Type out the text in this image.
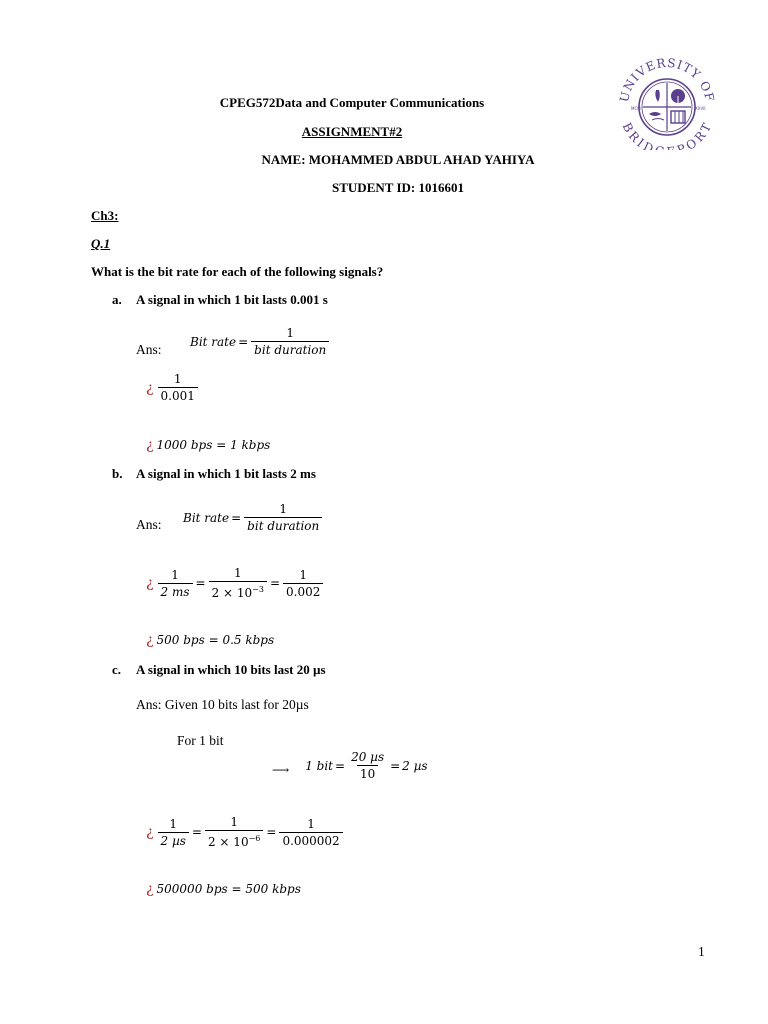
CPEG572Data and Computer Communications
ASSIGNMENT#2
NAME: MOHAMMED ABDUL AHAD YAHIYA
STUDENT ID: 1016601
UNIVERSITY OF
BRID PORT
MCM	XXVII
Ch3:
Q.1
What is the bit rate for each of the following signals?
a. A signal in which 1 bit lasts 0.001 s
Ans:
Bit rate = $\frac{1}{\text{bit duration}}$
¿ $\frac{1}{0.001}$
¿ 1000 bps = 1 kbps
b. A signal in which 1 bit lasts 2 ms
Ans: Bit rate = $\frac{1}{\text{bit duration}}$
¿ $\frac{1}{2 ms} = \frac{1}{2 \times 10^{-3}} = \frac{1}{0.002}$
¿ 500 bps = 0.5 kbps
c. A signal in which 10 bits last 20 µs
Ans: Given 10 bits last for 20µs
For 1 bit
⟶ 1 bit = $\frac{\text{20 µs}}{10} = 2$ µs
¿ $\frac{1}{\text{2 µs}} = \frac{1}{2 \times 10^{-6}} = \frac{1}{0.000002}$
¿ 500000 bps = 500 kbps
1
